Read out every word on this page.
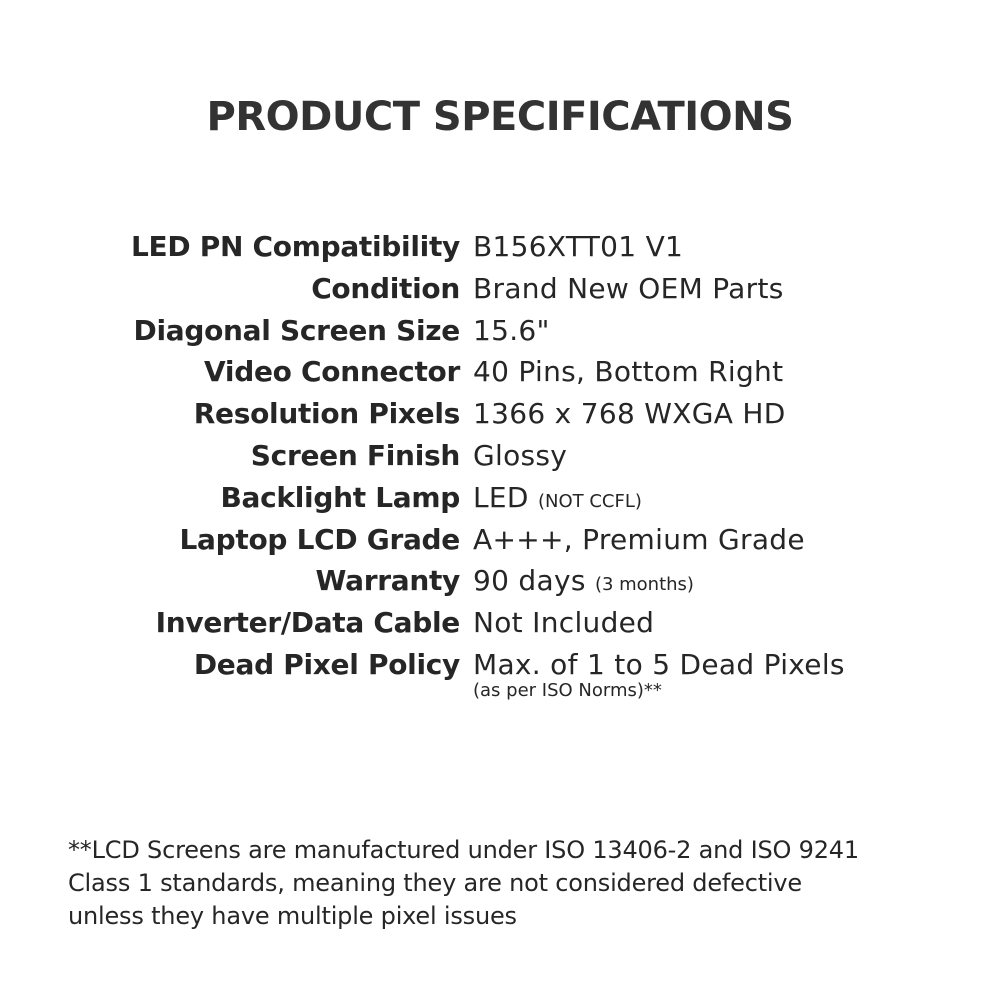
PRODUCT SPECIFICATIONS
LED PN Compatibility B156XTT01 V1
Condition Brand New OEM Parts
Diagonal Screen Size 15.6"
Video Connector 40 Pins, Bottom Right
Resolution Pixels 1366 x 768 WXGA HD
Screen Finish Glossy
Backlight Lamp LED (NOT CCFL)
Laptop LCD Grade A+++, Premium Grade
Warranty 90 days (3 months)
Inverter/Data Cable Not Included
Dead Pixel Policy Max. of 1 to 5 Dead Pixels
(as per ISO Norms)**
**LCD Screens are manufactured under ISO 13406-2 and ISO 9241
Class 1 standards, meaning they are not considered defective
unless they have multiple pixel issues
